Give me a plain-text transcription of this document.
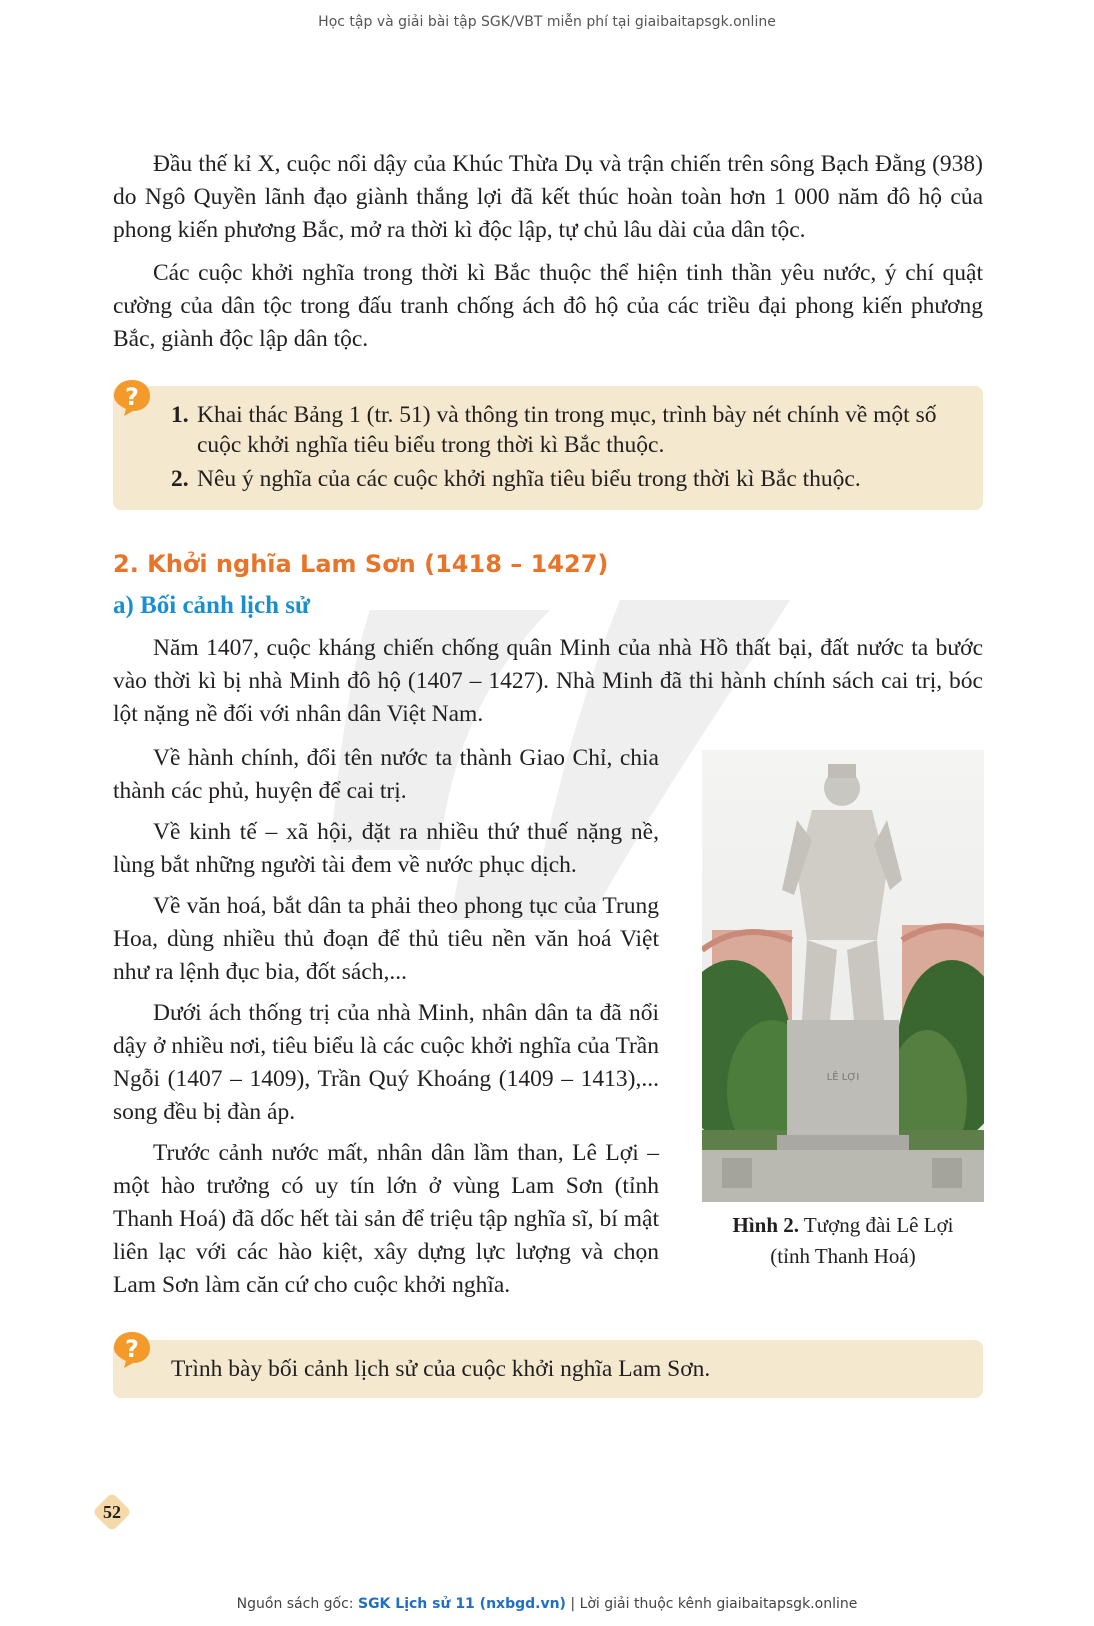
Học tập và giải bài tập SGK/VBT miễn phí tại giaibaitapsgk.online

Đầu thế kỉ X, cuộc nổi dậy của Khúc Thừa Dụ và trận chiến trên sông Bạch Đằng (938) do Ngô Quyền lãnh đạo giành thắng lợi đã kết thúc hoàn toàn hơn 1 000 năm đô hộ của phong kiến phương Bắc, mở ra thời kì độc lập, tự chủ lâu dài của dân tộc.

Các cuộc khởi nghĩa trong thời kì Bắc thuộc thể hiện tinh thần yêu nước, ý chí quật cường của dân tộc trong đấu tranh chống ách đô hộ của các triều đại phong kiến phương Bắc, giành độc lập dân tộc.

1. Khai thác Bảng 1 (tr. 51) và thông tin trong mục, trình bày nét chính về một số cuộc khởi nghĩa tiêu biểu trong thời kì Bắc thuộc.
2. Nêu ý nghĩa của các cuộc khởi nghĩa tiêu biểu trong thời kì Bắc thuộc.
?
2. Khởi nghĩa Lam Sơn (1418 – 1427)
a) Bối cảnh lịch sử

Năm 1407, cuộc kháng chiến chống quân Minh của nhà Hồ thất bại, đất nước ta bước vào thời kì bị nhà Minh đô hộ (1407 – 1427). Nhà Minh đã thi hành chính sách cai trị, bóc lột nặng nề đối với nhân dân Việt Nam.

Về hành chính, đổi tên nước ta thành Giao Chỉ, chia thành các phủ, huyện để cai trị.

Về kinh tế – xã hội, đặt ra nhiều thứ thuế nặng nề, lùng bắt những người tài đem về nước phục dịch.

Về văn hoá, bắt dân ta phải theo phong tục của Trung Hoa, dùng nhiều thủ đoạn để thủ tiêu nền văn hoá Việt như ra lệnh đục bia, đốt sách,...

Dưới ách thống trị của nhà Minh, nhân dân ta đã nổi dậy ở nhiều nơi, tiêu biểu là các cuộc khởi nghĩa của Trần Ngỗi (1407 – 1409), Trần Quý Khoáng (1409 – 1413),... song đều bị đàn áp.

Trước cảnh nước mất, nhân dân lầm than, Lê Lợi – một hào trưởng có uy tín lớn ở vùng Lam Sơn (tỉnh Thanh Hoá) đã dốc hết tài sản để triệu tập nghĩa sĩ, bí mật liên lạc với các hào kiệt, xây dựng lực lượng và chọn Lam Sơn làm căn cứ cho cuộc khởi nghĩa.

LÊ LỢI
Hình 2. Tượng đài Lê Lợi
(tỉnh Thanh Hoá)
Trình bày bối cảnh lịch sử của cuộc khởi nghĩa Lam Sơn.
?
52
Nguồn sách gốc: SGK Lịch sử 11 (nxbgd.vn) | Lời giải thuộc kênh giaibaitapsgk.online
